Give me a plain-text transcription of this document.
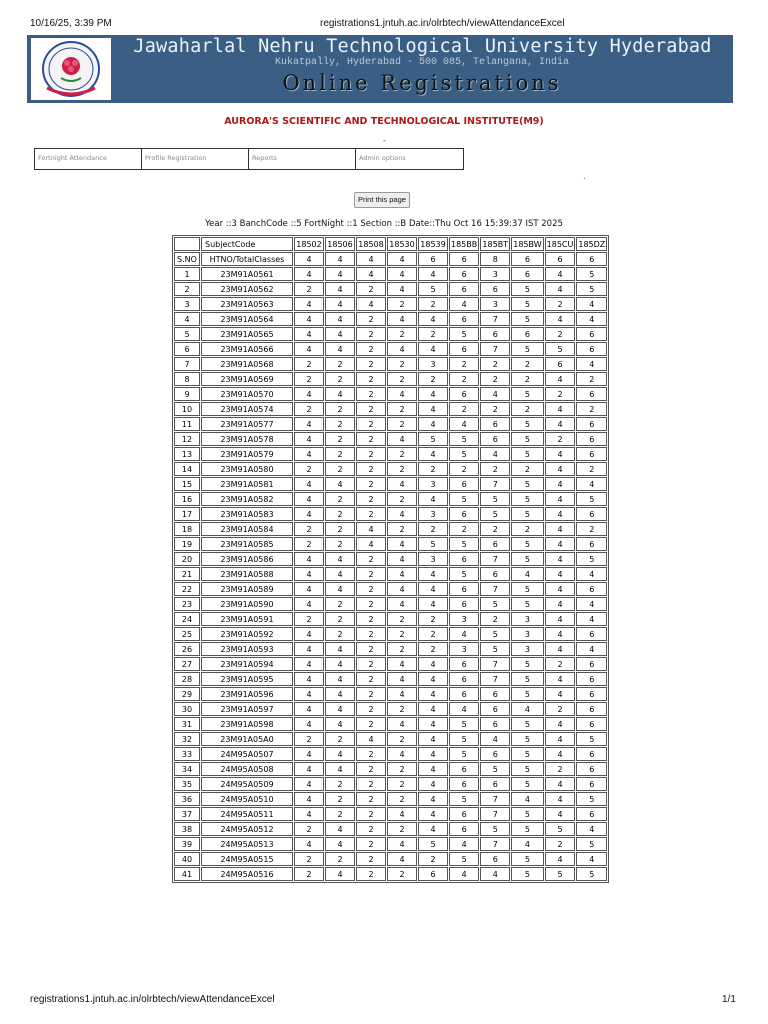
10/16/25, 3:39 PM	registrations1.jntuh.ac.in/olrbtech/viewAttendanceExcel
Jawaharlal Nehru Technological University Hyderabad
Kukatpally, Hyderabad - 500 085, Telangana, India
Online Registrations
AURORA'S SCIENTIFIC AND TECHNOLOGICAL INSTITUTE(M9)
-
Fortnight Attendance	Profile Registration	Reports	Admin options
.
Print this page
Year ::3 BanchCode ::5 FortNight ::1 Section ::B Date::Thu Oct 16 15:39:37 IST 2025
	SubjectCode	18502	18506	18508	18530	18539	185BB	185BT	185BW	185CU	185DZ
S.NO	HTNO/TotalClasses	4	4	4	4	6	6	8	6	6	6
1	23M91A0561	4	4	4	4	4	6	3	6	4	5
2	23M91A0562	2	4	2	4	5	6	6	5	4	5
3	23M91A0563	4	4	4	2	2	4	3	5	2	4
4	23M91A0564	4	4	2	4	4	6	7	5	4	4
5	23M91A0565	4	4	2	2	2	5	6	6	2	6
6	23M91A0566	4	4	2	4	4	6	7	5	5	6
7	23M91A0568	2	2	2	2	3	2	2	2	6	4
8	23M91A0569	2	2	2	2	2	2	2	2	4	2
9	23M91A0570	4	4	2	4	4	6	4	5	2	6
10	23M91A0574	2	2	2	2	4	2	2	2	4	2
11	23M91A0577	4	2	2	2	4	4	6	5	4	6
12	23M91A0578	4	2	2	4	5	5	6	5	2	6
13	23M91A0579	4	2	2	2	4	5	4	5	4	6
14	23M91A0580	2	2	2	2	2	2	2	2	4	2
15	23M91A0581	4	4	2	4	3	6	7	5	4	4
16	23M91A0582	4	2	2	2	4	5	5	5	4	5
17	23M91A0583	4	2	2	4	3	6	5	5	4	6
18	23M91A0584	2	2	4	2	2	2	2	2	4	2
19	23M91A0585	2	2	4	4	5	5	6	5	4	6
20	23M91A0586	4	4	2	4	3	6	7	5	4	5
21	23M91A0588	4	4	2	4	4	5	6	4	4	4
22	23M91A0589	4	4	2	4	4	6	7	5	4	6
23	23M91A0590	4	2	2	4	4	6	5	5	4	4
24	23M91A0591	2	2	2	2	2	3	2	3	4	4
25	23M91A0592	4	2	2	2	2	4	5	3	4	6
26	23M91A0593	4	4	2	2	2	3	5	3	4	4
27	23M91A0594	4	4	2	4	4	6	7	5	2	6
28	23M91A0595	4	4	2	4	4	6	7	5	4	6
29	23M91A0596	4	4	2	4	4	6	6	5	4	6
30	23M91A0597	4	4	2	2	4	4	6	4	2	6
31	23M91A0598	4	4	2	4	4	5	6	5	4	6
32	23M91A05A0	2	2	4	2	4	5	4	5	4	5
33	24M95A0507	4	4	2	4	4	5	6	5	4	6
34	24M95A0508	4	4	2	2	4	6	5	5	2	6
35	24M95A0509	4	2	2	2	4	6	6	5	4	6
36	24M95A0510	4	2	2	2	4	5	7	4	4	5
37	24M95A0511	4	2	2	4	4	6	7	5	4	6
38	24M95A0512	2	4	2	2	4	6	5	5	5	4
39	24M95A0513	4	4	2	4	5	4	7	4	2	5
40	24M95A0515	2	2	2	4	2	5	6	5	4	4
41	24M95A0516	2	4	2	2	6	4	4	5	5	5
registrations1.jntuh.ac.in/olrbtech/viewAttendanceExcel	1/1
